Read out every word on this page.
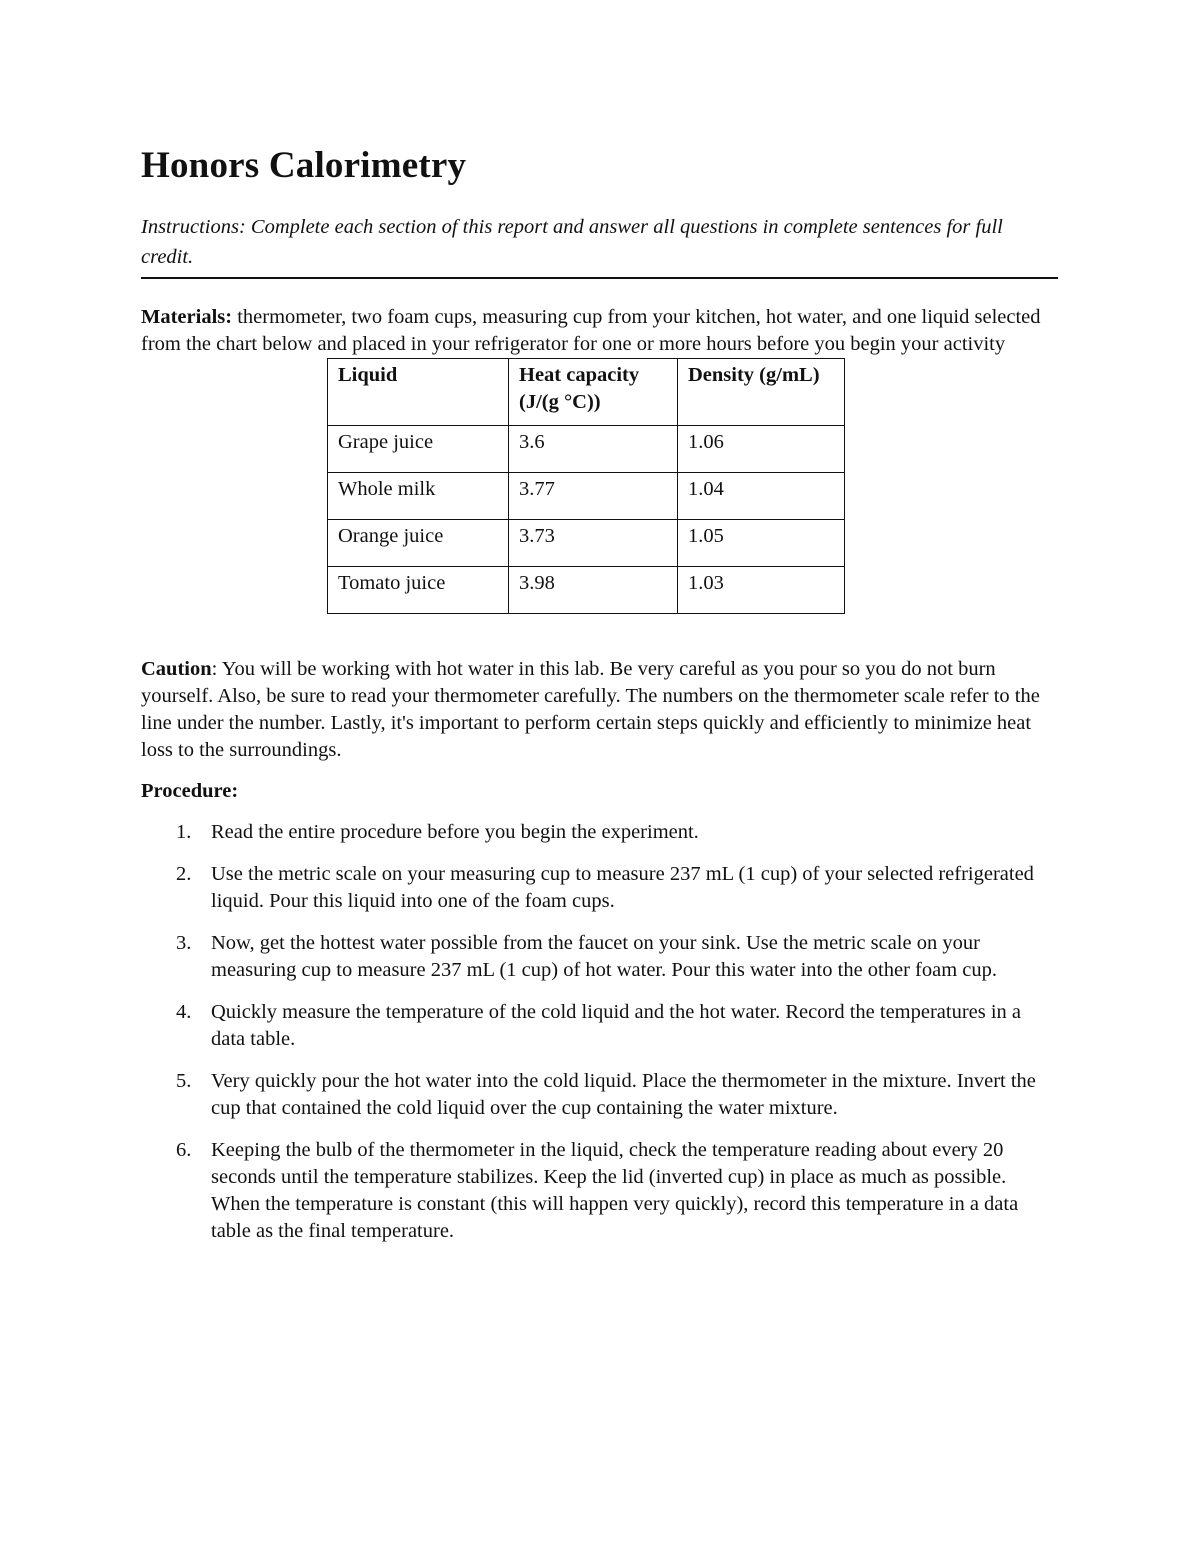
Honors Calorimetry

Instructions: Complete each section of this report and answer all questions in complete sentences for full credit.

Materials: thermometer, two foam cups, measuring cup from your kitchen, hot water, and one liquid selected from the chart below and placed in your refrigerator for one or more hours before you begin your activity

Liquid	Heat capacity (J/(g °C))	Density (g/mL)
Grape juice	3.6	1.06
Whole milk	3.77	1.04
Orange juice	3.73	1.05
Tomato juice	3.98	1.03

Caution: You will be working with hot water in this lab. Be very careful as you pour so you do not burn yourself. Also, be sure to read your thermometer carefully. The numbers on the thermometer scale refer to the line under the number. Lastly, it's important to perform certain steps quickly and efficiently to minimize heat loss to the surroundings.

Procedure:
1. Read the entire procedure before you begin the experiment.
2. Use the metric scale on your measuring cup to measure 237 mL (1 cup) of your selected refrigerated liquid. Pour this liquid into one of the foam cups.
3. Now, get the hottest water possible from the faucet on your sink. Use the metric scale on your measuring cup to measure 237 mL (1 cup) of hot water. Pour this water into the other foam cup.
4. Quickly measure the temperature of the cold liquid and the hot water. Record the temperatures in a data table.
5. Very quickly pour the hot water into the cold liquid. Place the thermometer in the mixture. Invert the cup that contained the cold liquid over the cup containing the water mixture.
6. Keeping the bulb of the thermometer in the liquid, check the temperature reading about every 20 seconds until the temperature stabilizes. Keep the lid (inverted cup) in place as much as possible. When the temperature is constant (this will happen very quickly), record this temperature in a data table as the final temperature.
